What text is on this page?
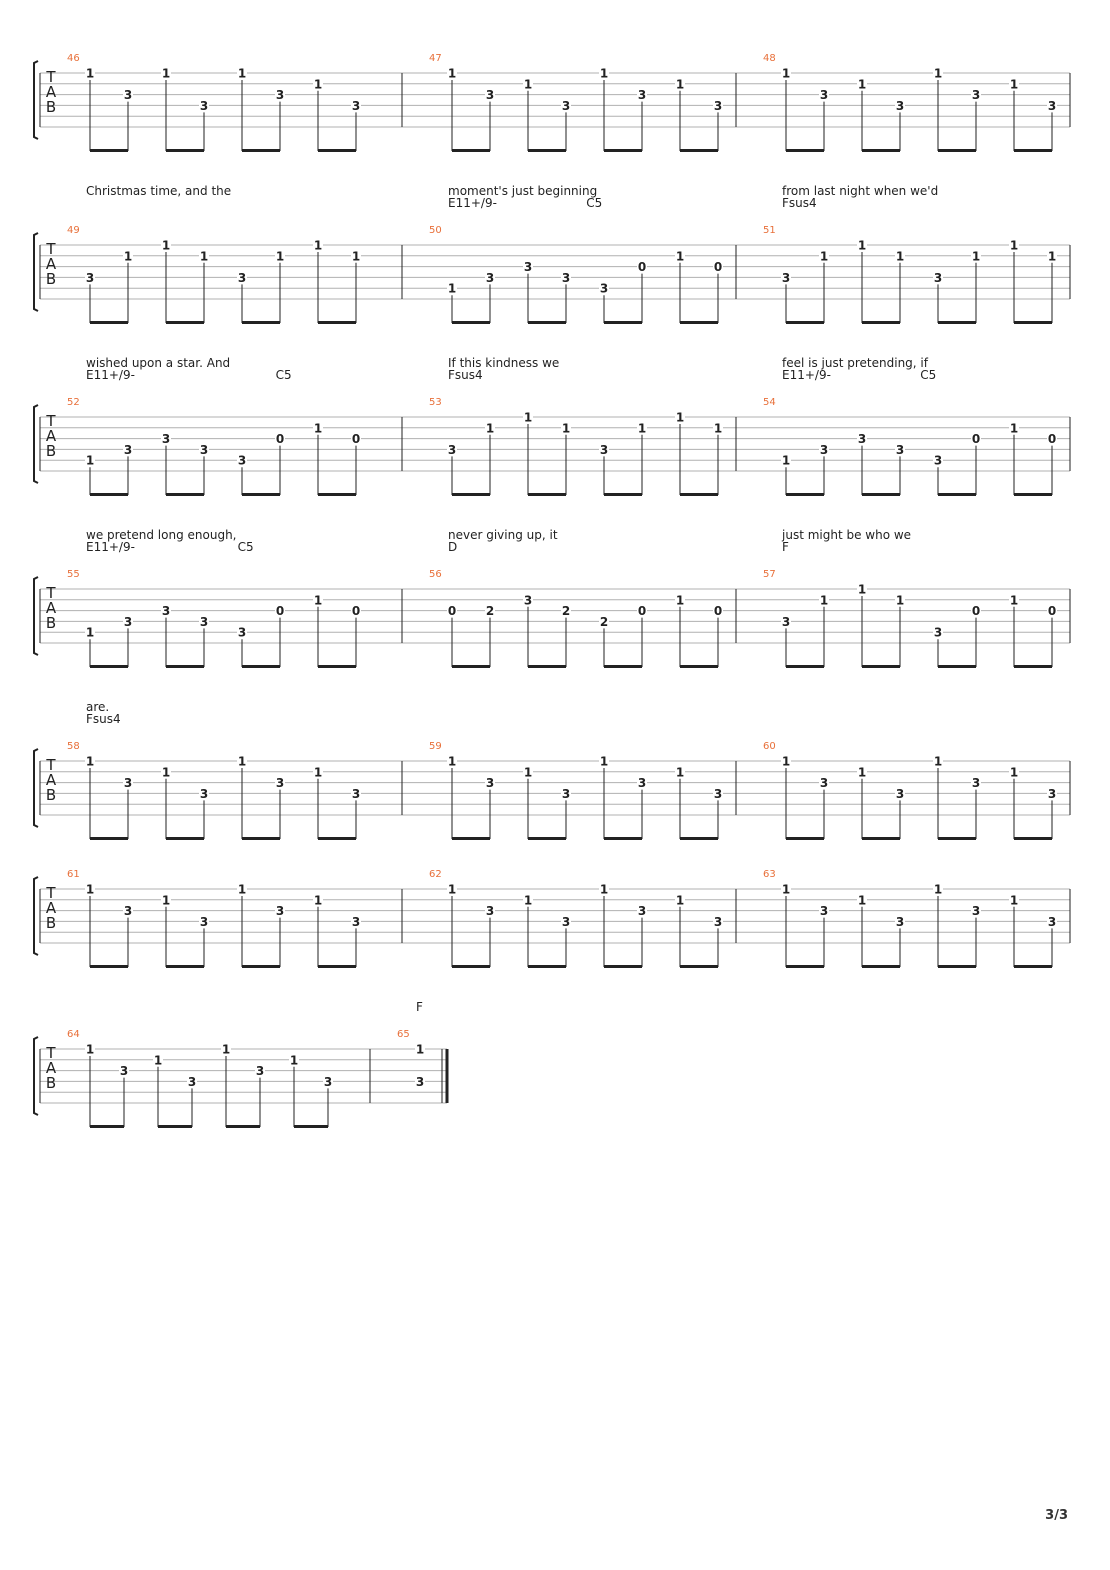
T
A
B
46
1
3
1
3
1
3
1
3
47
1
3
1
3
1
3
1
3
48
1
3
1
3
1
3
1
3
T
A
B
49
Christmas time, and the
3
1
1
1
3
1
1
1
50
moment's just beginning
E11+/9-	C5
1
3
3
3
3
0
1
0
51
from last night when we'd
Fsus4
3
1
1
1
3
1
1
1
T
A
B
52
wished upon a star. And
E11+/9-	C5
1
3
3
3
3
0
1
0
53
If this kindness we
Fsus4
3
1
1
1
3
1
1
1
54
feel is just pretending, if
E11+/9-	C5
1
3
3
3
3
0
1
0
T
A
B
55
we pretend long enough,
E11+/9-	C5
1
3
3
3
3
0
1
0
56
never giving up, it
D
0 2
3
2
2
0
1
0
57
just might be who we
F
3
1
1
1
3
0
1
0
T
A
B
58
are.
Fsus4
1
3
1
3
1
3
1
3
59
1
3
1
3
1
3
1
3
60
1
3
1
3
1
3
1
3
T
A
B
61
1
3
1
3
1
3
1
3
62
1
3
1
3
1
3
1
3
63
1
3
1
3
1
3
1
3
T
A
B
64
1
3
1
3
1
3
1
3
65
F
1
3
3/3
